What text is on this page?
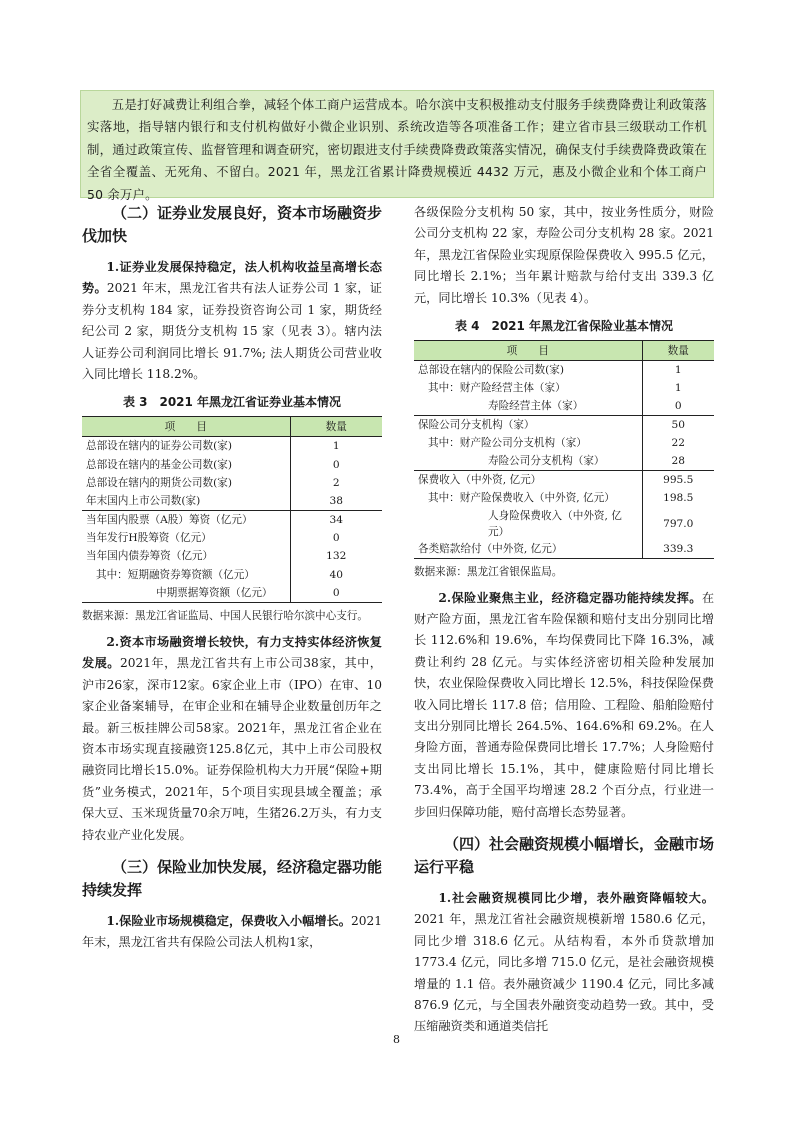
五是打好减费让利组合拳，减轻个体工商户运营成本。哈尔滨中支积极推动支付服务手续费降费让利政策落实落地，指导辖内银行和支付机构做好小微企业识别、系统改造等各项准备工作；建立省市县三级联动工作机制，通过政策宣传、监督管理和调查研究，密切跟进支付手续费降费政策落实情况，确保支付手续费降费政策在全省全覆盖、无死角、不留白。2021 年，黑龙江省累计降费规模近 4432 万元，惠及小微企业和个体工商户 50 余万户。

（二）证券业发展良好，资本市场融资步伐加快

1.证券业发展保持稳定，法人机构收益呈高增长态势。2021 年末，黑龙江省共有法人证券公司 1 家，证券分支机构 184 家，证券投资咨询公司 1 家，期货经纪公司 2 家，期货分支机构 15 家（见表 3）。辖内法人证券公司利润同比增长 91.7%; 法人期货公司营业收入同比增长 118.2%。

表 3　2021 年黑龙江省证券业基本情况
项　　目	数量
总部设在辖内的证券公司数(家)	1
总部设在辖内的基金公司数(家)	0
总部设在辖内的期货公司数(家)	2
年末国内上市公司数(家)	38
当年国内股票（A股）筹资（亿元）	34
当年发行H股筹资（亿元）	0
当年国内债券筹资（亿元）	132
其中：短期融资券筹资额（亿元）	40
中期票据筹资额（亿元）	0

数据来源：黑龙江省证监局、中国人民银行哈尔滨中心支行。

2.资本市场融资增长较快，有力支持实体经济恢复发展。2021年，黑龙江省共有上市公司38家，其中，沪市26家，深市12家。6家企业上市（IPO）在审、10家企业备案辅导，在审企业和在辅导企业数量创历年之最。新三板挂牌公司58家。2021年，黑龙江省企业在资本市场实现直接融资125.8亿元，其中上市公司股权融资同比增长15.0%。证券保险机构大力开展“保险+期货”业务模式，2021年，5个项目实现县域全覆盖；承保大豆、玉米现货量70余万吨，生猪26.2万头，有力支持农业产业化发展。

（三）保险业加快发展，经济稳定器功能持续发挥

1.保险业市场规模稳定，保费收入小幅增长。2021年末，黑龙江省共有保险公司法人机构1家，

各级保险分支机构 50 家，其中，按业务性质分，财险公司分支机构 22 家，寿险公司分支机构 28 家。2021 年，黑龙江省保险业实现原保险保费收入 995.5 亿元，同比增长 2.1%；当年累计赔款与给付支出 339.3 亿元，同比增长 10.3%（见表 4）。

表 4　2021 年黑龙江省保险业基本情况
项　　目	数量
总部设在辖内的保险公司数(家)	1
其中：财产险经营主体（家）	1
寿险经营主体（家）	0
保险公司分支机构（家）	50
其中：财产险公司分支机构（家）	22
寿险公司分支机构（家）	28
保费收入（中外资, 亿元）	995.5
其中：财产险保费收入（中外资, 亿元）	198.5
人身险保费收入（中外资, 亿元）	797.0
各类赔款给付（中外资, 亿元）	339.3

数据来源：黑龙江省银保监局。

2.保险业聚焦主业，经济稳定器功能持续发挥。在财产险方面，黑龙江省车险保额和赔付支出分别同比增长 112.6%和 19.6%，车均保费同比下降 16.3%，减费让利约 28 亿元。与实体经济密切相关险种发展加快，农业保险保费收入同比增长 12.5%，科技保险保费收入同比增长 117.8 倍；信用险、工程险、船舶险赔付支出分别同比增长 264.5%、164.6%和 69.2%。在人身险方面，普通寿险保费同比增长 17.7%；人身险赔付支出同比增长 15.1%，其中，健康险赔付同比增长 73.4%，高于全国平均增速 28.2 个百分点，行业进一步回归保障功能，赔付高增长态势显著。

（四）社会融资规模小幅增长，金融市场运行平稳

1.社会融资规模同比少增，表外融资降幅较大。2021 年，黑龙江省社会融资规模新增 1580.6 亿元，同比少增 318.6 亿元。从结构看，本外币贷款增加 1773.4 亿元，同比多增 715.0 亿元，是社会融资规模增量的 1.1 倍。表外融资减少 1190.4 亿元，同比多减 876.9 亿元，与全国表外融资变动趋势一致。其中，受压缩融资类和通道类信托

8
